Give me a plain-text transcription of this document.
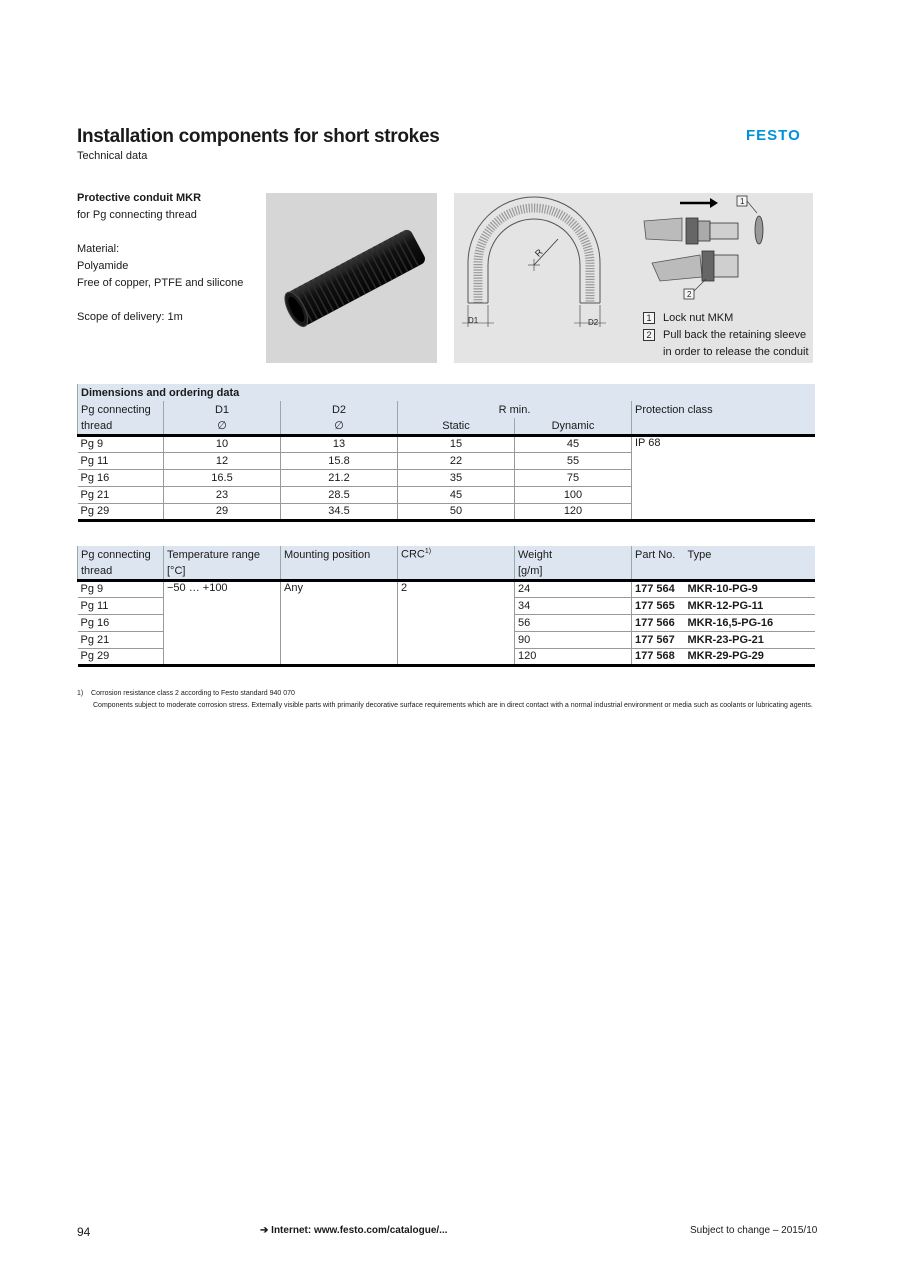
Installation components for short strokes
Technical data
FESTO
Protective conduit MKR
for Pg connecting thread
Material:
Polyamide
Free of copper, PTFE and silicone
Scope of delivery: 1m
R
D1	D2
1
2
1	Lock nut MKM
2	Pull back the retaining sleeve in order to release the conduit
Dimensions and ordering data					
Pg connecting	D1	D2	R min.		Protection class
thread	∅	∅	Static	Dynamic	
Pg 9	10	13	15	45	IP 68
Pg 11	12	15.8	22	55	
Pg 16	16.5	21.2	35	75	
Pg 21	23	28.5	45	100	
Pg 29	29	34.5	50	120	
Pg connecting	Temperature range	Mounting position	CRC$^{1)}$	Weight	Part No.	Type
thread	[°C]			[g/m]		
Pg 9	−50 … +100	Any	2	24	177 564	MKR-10-PG-9
Pg 11				34	177 565	MKR-12-PG-11
Pg 16				56	177 566	MKR-16,5-PG-16
Pg 21				90	177 567	MKR-23-PG-21
Pg 29				120	177 568	MKR-29-PG-29
1) Corrosion resistance class 2 according to Festo standard 940 070
Components subject to moderate corrosion stress. Externally visible parts with primarily decorative surface requirements which are in direct contact with a normal industrial environment or media such as coolants or lubricating agents.
94	➔ Internet: www.festo.com/catalogue/...	Subject to change – 2015/10
